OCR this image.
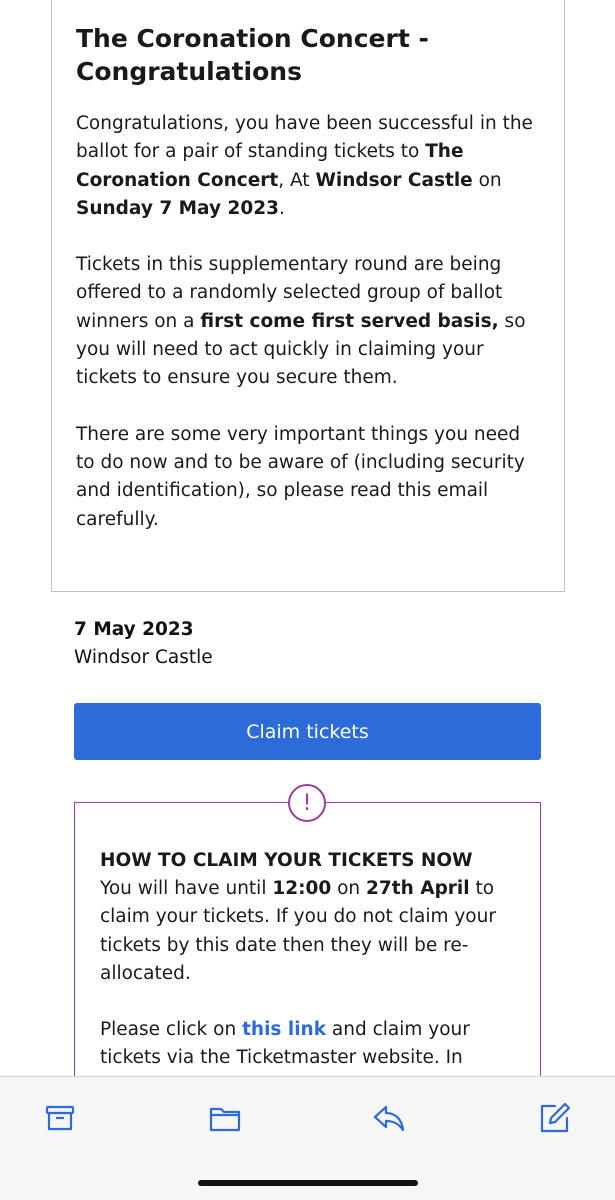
The Coronation Concert -
Congratulations

Congratulations, you have been successful in the ballot for a pair of standing tickets to The Coronation Concert, At Windsor Castle on Sunday 7 May 2023.

Tickets in this supplementary round are being offered to a randomly selected group of ballot winners on a first come first served basis, so you will need to act quickly in claiming your tickets to ensure you secure them.

There are some very important things you need to do now and to be aware of (including security and identification), so please read this email carefully.

7 May 2023
Windsor Castle
Claim tickets
!
HOW TO CLAIM YOUR TICKETS NOW

You will have until 12:00 on 27th April to claim your tickets. If you do not claim your tickets by this date then they will be re-allocated.

Please click on this link and claim your tickets via the Ticketmaster website. In
